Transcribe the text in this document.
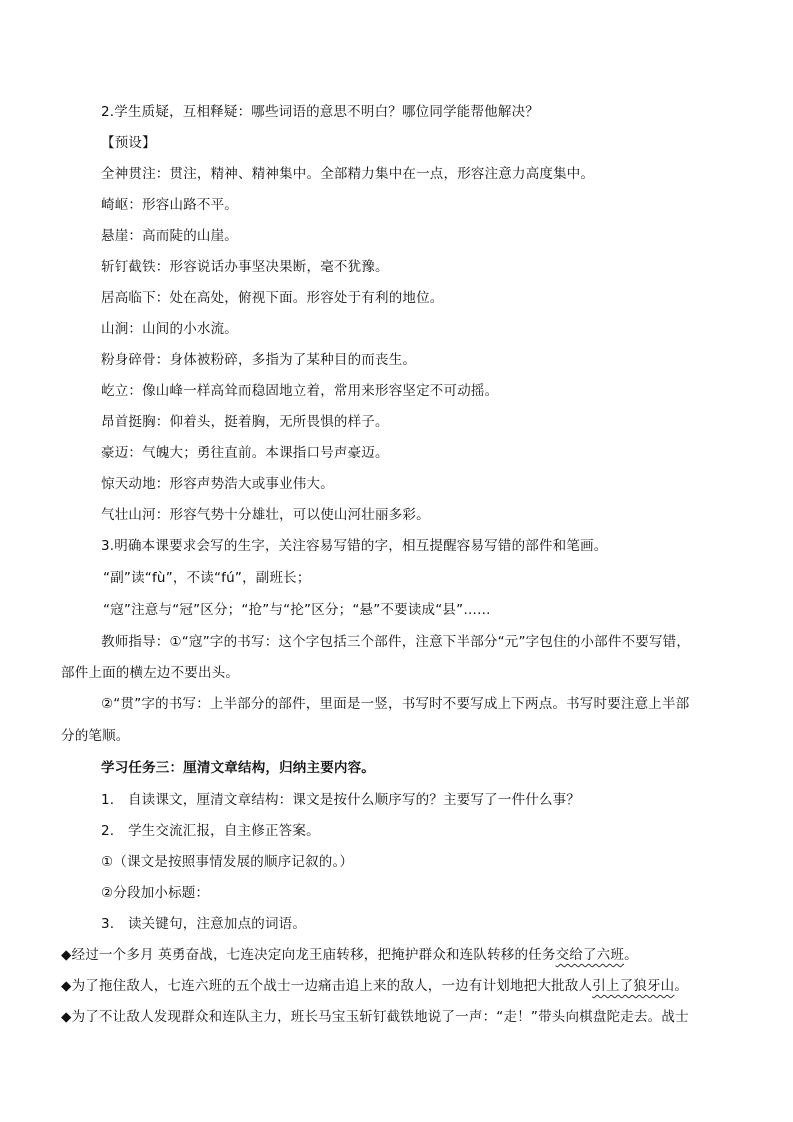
2.学生质疑，互相释疑：哪些词语的意思不明白？哪位同学能帮他解决？
【预设】
全神贯注：贯注，精神、精神集中。全部精力集中在一点，形容注意力高度集中。
崎岖：形容山路不平。
悬崖：高而陡的山崖。
斩钉截铁：形容说话办事坚决果断，毫不犹豫。
居高临下：处在高处，俯视下面。形容处于有利的地位。
山涧：山间的小水流。
粉身碎骨：身体被粉碎，多指为了某种目的而丧生。
屹立：像山峰一样高耸而稳固地立着，常用来形容坚定不可动摇。
昂首挺胸：仰着头，挺着胸，无所畏惧的样子。
豪迈：气魄大；勇往直前。本课指口号声豪迈。
惊天动地：形容声势浩大或事业伟大。
气壮山河：形容气势十分雄壮，可以使山河壮丽多彩。
3.明确本课要求会写的生字，关注容易写错的字，相互提醒容易写错的部件和笔画。
“副”读“fù”，不读“fú”，副班长；
“寇”注意与“冠”区分；“抢”与“抡”区分；“悬”不要读成“县”……
教师指导：①“寇”字的书写：这个字包括三个部件，注意下半部分“元”字包住的小部件不要写错，
部件上面的横左边不要出头。
②“贯”字的书写：上半部分的部件，里面是一竖，书写时不要写成上下两点。书写时要注意上半部
分的笔顺。
学习任务三：厘清文章结构，归纳主要内容。
1.　自读课文，厘清文章结构：课文是按什么顺序写的？主要写了一件什么事？
2.　学生交流汇报，自主修正答案。
①（课文是按照事情发展的顺序记叙的。）
②分段加小标题：
3.　读关键句，注意加点的词语。
◆经过一个多月 英勇奋战，七连决定向龙王庙转移，把掩护群众和连队转移的任务交给了六班。
◆为了拖住敌人，七连六班的五个战士一边痛击追上来的敌人，一边有计划地把大批敌人引上了狼牙山。
◆为了不让敌人发现群众和连队主力，班长马宝玉斩钉截铁地说了一声：“走！”带头向棋盘陀走去。战士
